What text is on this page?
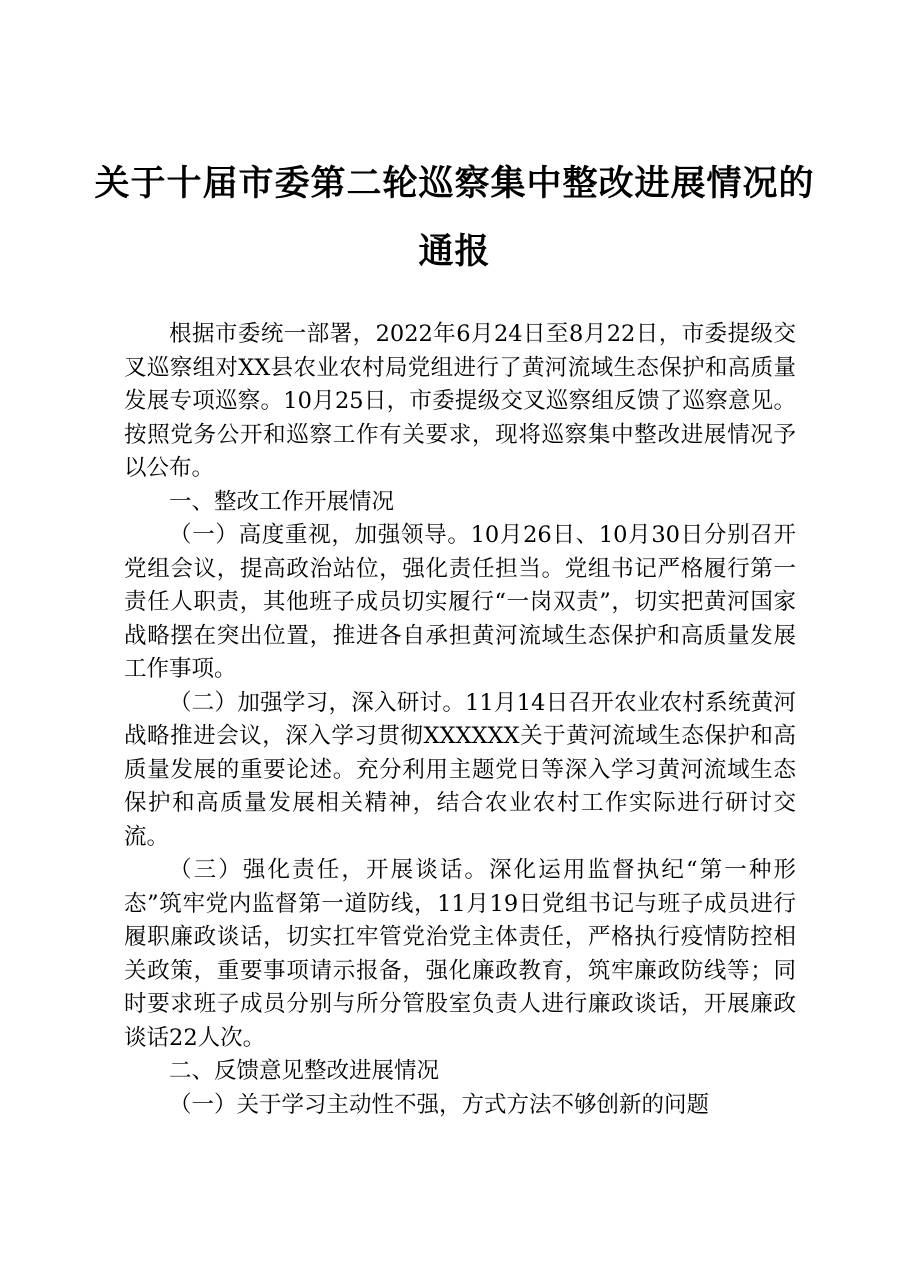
关于十届市委第二轮巡察集中整改进展情况的
通报

根据市委统一部署，2022年6月24日至8月22日，市委提级交叉巡察组对XX县农业农村局党组进行了黄河流域生态保护和高质量发展专项巡察。10月25日，市委提级交叉巡察组反馈了巡察意见。按照党务公开和巡察工作有关要求，现将巡察集中整改进展情况予以公布。

一、整改工作开展情况

（一）高度重视，加强领导。10月26日、10月30日分别召开党组会议，提高政治站位，强化责任担当。党组书记严格履行第一责任人职责，其他班子成员切实履行“一岗双责”，切实把黄河国家战略摆在突出位置，推进各自承担黄河流域生态保护和高质量发展工作事项。

（二）加强学习，深入研讨。11月14日召开农业农村系统黄河战略推进会议，深入学习贯彻XXXXXX关于黄河流域生态保护和高质量发展的重要论述。充分利用主题党日等深入学习黄河流域生态保护和高质量发展相关精神，结合农业农村工作实际进行研讨交流。

（三）强化责任，开展谈话。深化运用监督执纪“第一种形态”筑牢党内监督第一道防线，11月19日党组书记与班子成员进行履职廉政谈话，切实扛牢管党治党主体责任，严格执行疫情防控相关政策，重要事项请示报备，强化廉政教育，筑牢廉政防线等；同时要求班子成员分别与所分管股室负责人进行廉政谈话，开展廉政谈话22人次。

二、反馈意见整改进展情况

（一）关于学习主动性不强，方式方法不够创新的问题
